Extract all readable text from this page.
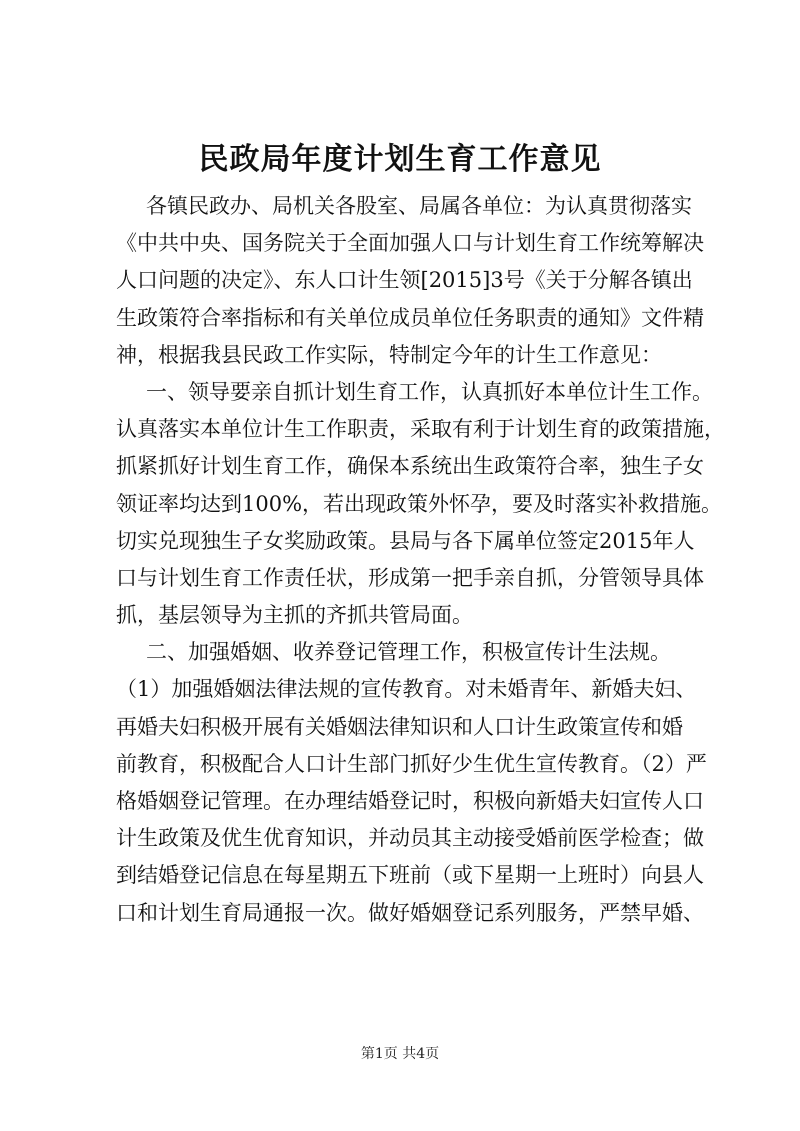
民政局年度计划生育工作意见
各镇民政办、局机关各股室、局属各单位：为认真贯彻落实
《中共中央、国务院关于全面加强人口与计划生育工作统筹解决
人口问题的决定》、东人口计生领[2015]3号《关于分解各镇出
生政策符合率指标和有关单位成员单位任务职责的通知》文件精
神，根据我县民政工作实际，特制定今年的计生工作意见：
一、领导要亲自抓计划生育工作，认真抓好本单位计生工作。
认真落实本单位计生工作职责，采取有利于计划生育的政策措施，
抓紧抓好计划生育工作，确保本系统出生政策符合率，独生子女
领证率均达到100%，若出现政策外怀孕，要及时落实补救措施。
切实兑现独生子女奖励政策。县局与各下属单位签定2015年人
口与计划生育工作责任状，形成第一把手亲自抓，分管领导具体
抓，基层领导为主抓的齐抓共管局面。
二、加强婚姻、收养登记管理工作，积极宣传计生法规。
（1）加强婚姻法律法规的宣传教育。对未婚青年、新婚夫妇、
再婚夫妇积极开展有关婚姻法律知识和人口计生政策宣传和婚
前教育，积极配合人口计生部门抓好少生优生宣传教育。（2）严
格婚姻登记管理。在办理结婚登记时，积极向新婚夫妇宣传人口
计生政策及优生优育知识，并动员其主动接受婚前医学检查；做
到结婚登记信息在每星期五下班前（或下星期一上班时）向县人
口和计划生育局通报一次。做好婚姻登记系列服务，严禁早婚、
第1页 共4页
